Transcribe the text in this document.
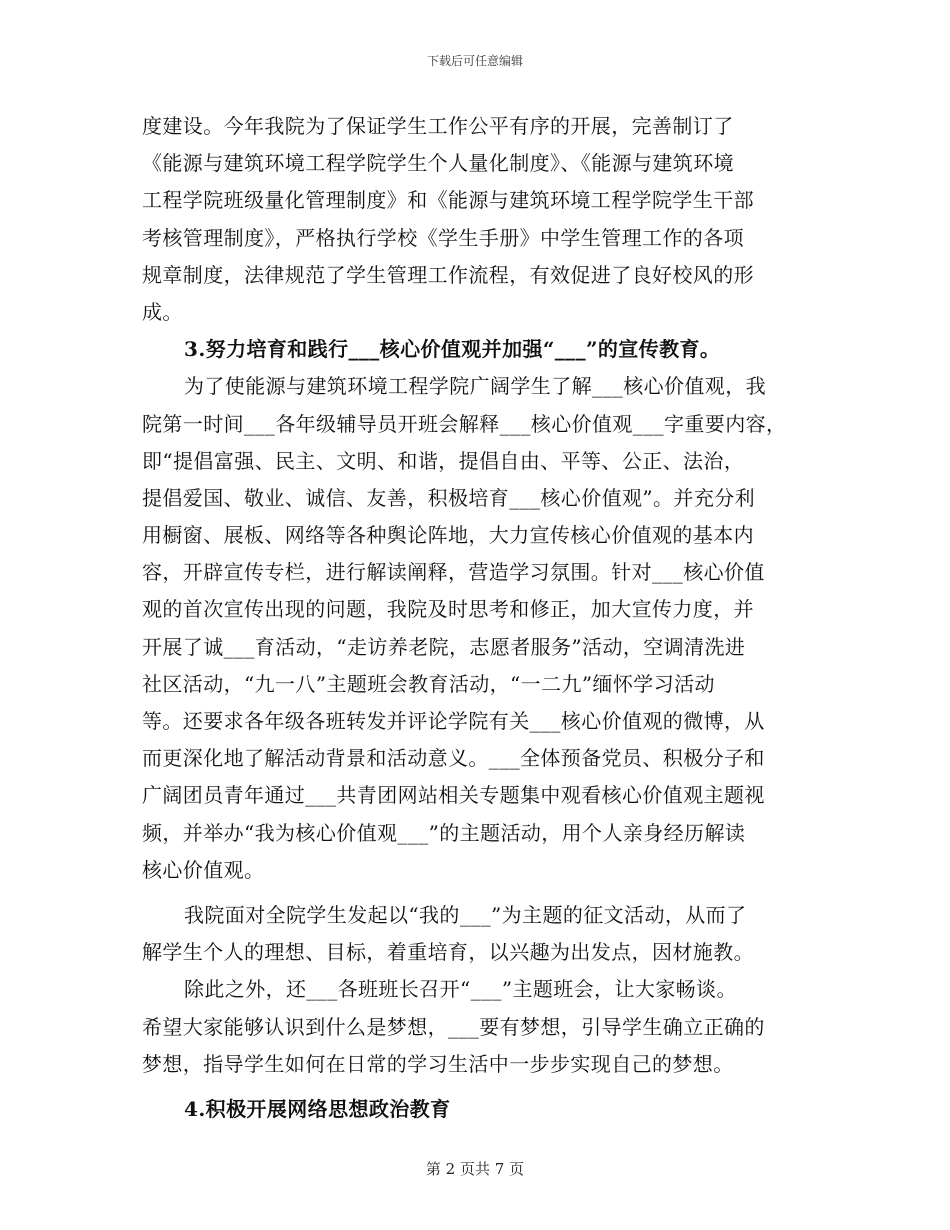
下载后可任意编辑
度建设。今年我院为了保证学生工作公平有序的开展，完善制订了
《能源与建筑环境工程学院学生个人量化制度》、《能源与建筑环境
工程学院班级量化管理制度》和《能源与建筑环境工程学院学生干部
考核管理制度》，严格执行学校《学生手册》中学生管理工作的各项
规章制度，法律规范了学生管理工作流程，有效促进了良好校风的形
成。
3.努力培育和践行___核心价值观并加强“___”的宣传教育。
为了使能源与建筑环境工程学院广阔学生了解___核心价值观，我
院第一时间___各年级辅导员开班会解释___核心价值观___字重要内容，
即“提倡富强、民主、文明、和谐，提倡自由、平等、公正、法治，
提倡爱国、敬业、诚信、友善，积极培育___核心价值观”。并充分利
用橱窗、展板、网络等各种舆论阵地，大力宣传核心价值观的基本内
容，开辟宣传专栏，进行解读阐释，营造学习氛围。针对___核心价值
观的首次宣传出现的问题，我院及时思考和修正，加大宣传力度，并
开展了诚___育活动，“走访养老院，志愿者服务”活动，空调清洗进
社区活动，“九一八”主题班会教育活动，“一二九”缅怀学习活动
等。还要求各年级各班转发并评论学院有关___核心价值观的微博，从
而更深化地了解活动背景和活动意义。___全体预备党员、积极分子和
广阔团员青年通过___共青团网站相关专题集中观看核心价值观主题视
频，并举办“我为核心价值观___”的主题活动，用个人亲身经历解读
核心价值观。
我院面对全院学生发起以“我的___”为主题的征文活动，从而了
解学生个人的理想、目标，着重培育，以兴趣为出发点，因材施教。
除此之外，还___各班班长召开“___”主题班会，让大家畅谈。
希望大家能够认识到什么是梦想，___要有梦想，引导学生确立正确的
梦想，指导学生如何在日常的学习生活中一步步实现自己的梦想。
4.积极开展网络思想政治教育
第 2 页共 7 页
